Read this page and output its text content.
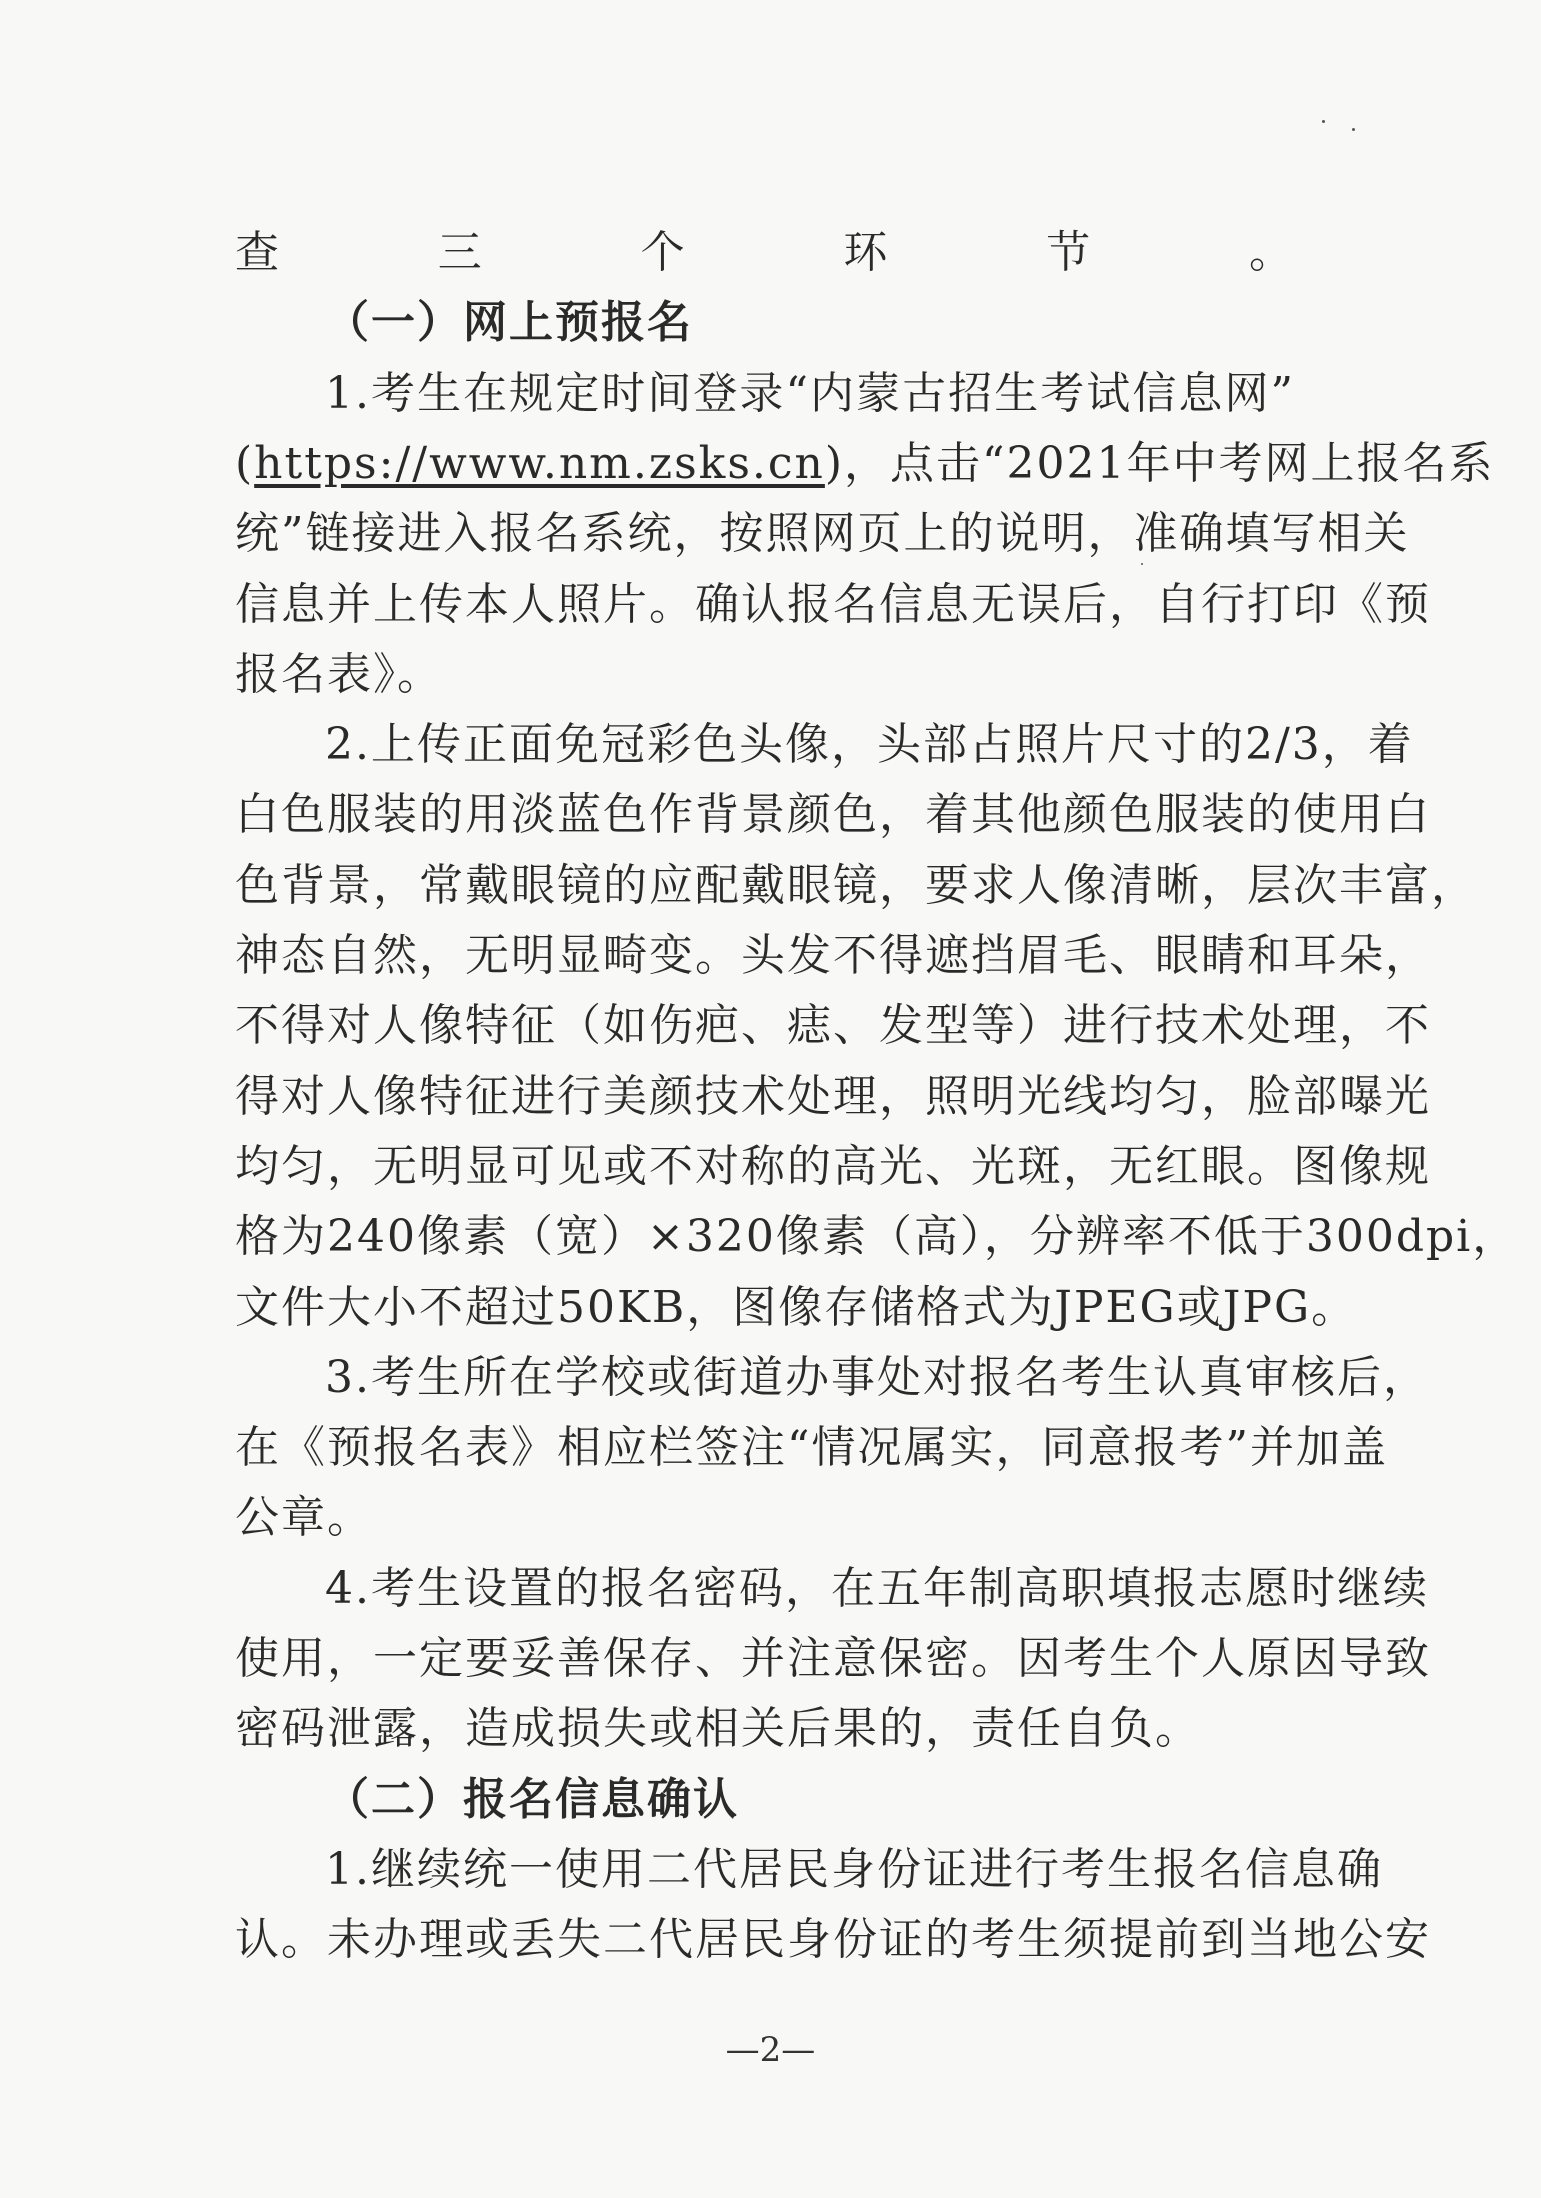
查三个环节。
（一）网上预报名
1.考生在规定时间登录“内蒙古招生考试信息网”
(https://www.nm.zsks.cn)，点击“2021年中考网上报名系
统”链接进入报名系统，按照网页上的说明，准确填写相关
信息并上传本人照片。确认报名信息无误后，自行打印《预
报名表》。
2.上传正面免冠彩色头像，头部占照片尺寸的2/3，着
白色服装的用淡蓝色作背景颜色，着其他颜色服装的使用白
色背景，常戴眼镜的应配戴眼镜，要求人像清晰，层次丰富，
神态自然，无明显畸变。头发不得遮挡眉毛、眼睛和耳朵，
不得对人像特征（如伤疤、痣、发型等）进行技术处理，不
得对人像特征进行美颜技术处理，照明光线均匀，脸部曝光
均匀，无明显可见或不对称的高光、光斑，无红眼。图像规
格为240像素（宽）×320像素（高），分辨率不低于300dpi，
文件大小不超过50KB，图像存储格式为JPEG或JPG。
3.考生所在学校或街道办事处对报名考生认真审核后，
在《预报名表》相应栏签注“情况属实，同意报考”并加盖
公章。
4.考生设置的报名密码，在五年制高职填报志愿时继续
使用，一定要妥善保存、并注意保密。因考生个人原因导致
密码泄露，造成损失或相关后果的，责任自负。
（二）报名信息确认
1.继续统一使用二代居民身份证进行考生报名信息确
认。未办理或丢失二代居民身份证的考生须提前到当地公安
—2—
